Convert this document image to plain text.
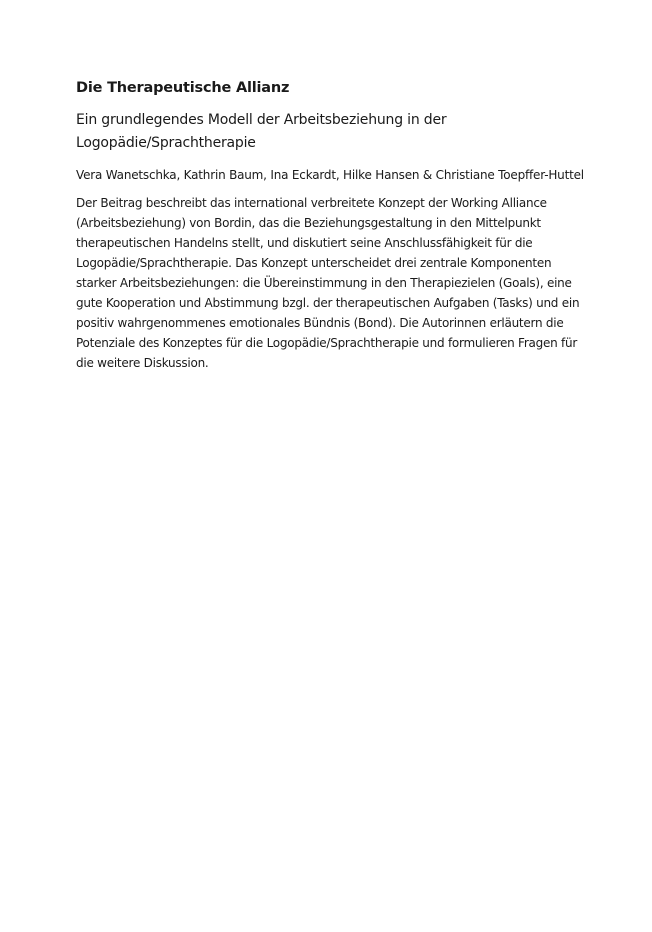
Die Therapeutische Allianz
Ein grundlegendes Modell der Arbeitsbeziehung in der Logopädie/Sprachtherapie

Vera Wanetschka, Kathrin Baum, Ina Eckardt, Hilke Hansen & Christiane Toepffer-Huttel

Der Beitrag beschreibt das international verbreitete Konzept der Working Alliance (Arbeitsbeziehung) von Bordin, das die Beziehungsgestaltung in den Mittelpunkt therapeutischen Handelns stellt, und diskutiert seine Anschlussfähigkeit für die Logopädie/Sprachtherapie. Das Konzept unterscheidet drei zentrale Komponenten starker Arbeitsbeziehungen: die Übereinstimmung in den Therapiezielen (Goals), eine gute Kooperation und Abstimmung bzgl. der therapeutischen Aufgaben (Tasks) und ein positiv wahrgenommenes emotionales Bündnis (Bond). Die Autorinnen erläutern die Potenziale des Konzeptes für die Logopädie/Sprachtherapie und formulieren Fragen für die weitere Diskussion.
